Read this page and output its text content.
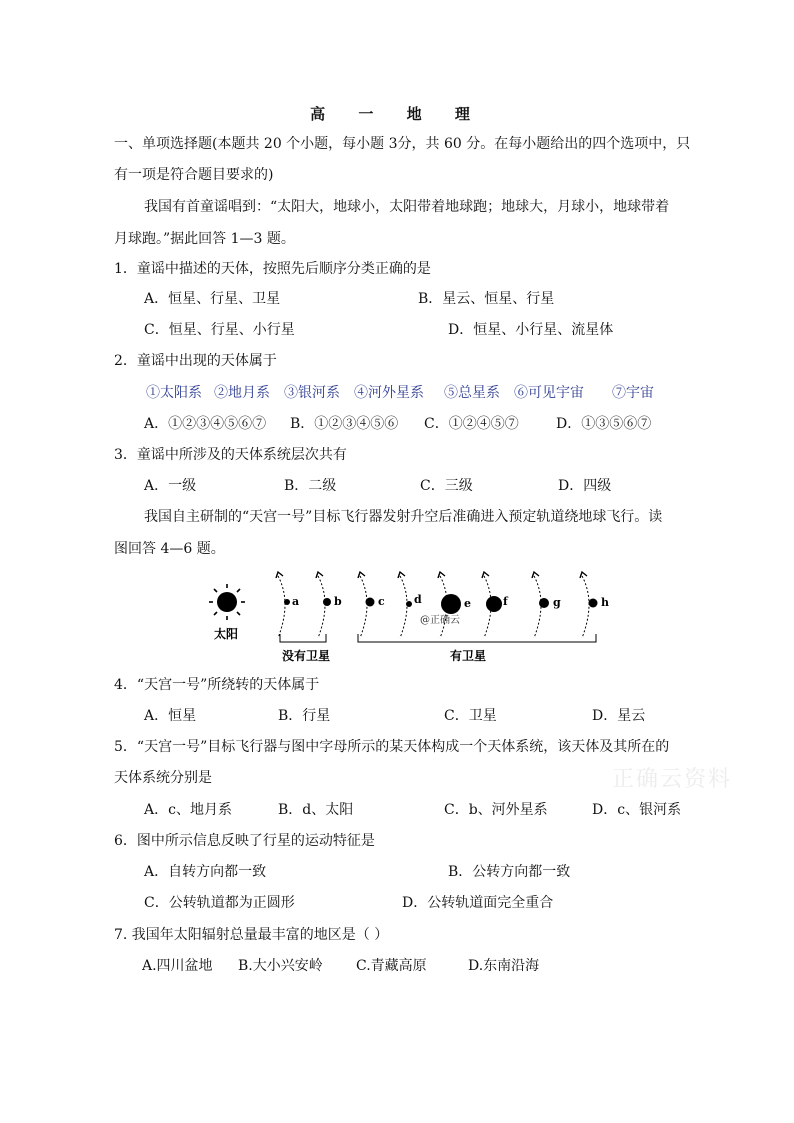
高 一 地 理
一、单项选择题(本题共 20 个小题，每小题 3分，共 60 分。在每小题给出的四个选项中，只
有一项是符合题目要求的)
我国有首童谣唱到：“太阳大，地球小，太阳带着地球跑；地球大，月球小，地球带着
月球跑。”据此回答 1—3 题。
1．童谣中描述的天体，按照先后顺序分类正确的是
A．恒星、行星、卫星	B．星云、恒星、行星
C．恒星、行星、小行星	D．恒星、小行星、流星体
2．童谣中出现的天体属于
①太阳系 ②地月系 ③银河系 ④河外星系 ⑤总星系 ⑥可见宇宙 ⑦宇宙
A．①②③④⑤⑥⑦ B．①②③④⑤⑥ C．①②④⑤⑦	D．①③⑤⑥⑦
3．童谣中所涉及的天体系统层次共有
A．一级	B．二级	C．三级	D．四级
我国自主研制的“天宫一号”目标飞行器发射升空后准确进入预定轨道绕地球飞行。读
图回答 4—6 题。
太阳
a	b	c	d	e	f	g	h
@正确云
没有卫星	有卫星
4．“天宫一号”所绕转的天体属于
A．恒星	B．行星	C．卫星	D．星云
5．“天宫一号”目标飞行器与图中字母所示的某天体构成一个天体系统，该天体及其所在的
天体系统分别是
A．c、地月系	B．d、太阳	C．b、河外星系	D．c、银河系
6．图中所示信息反映了行星的运动特征是
A．自转方向都一致	B．公转方向都一致
C．公转轨道都为正圆形	D．公转轨道面完全重合
7. 我国年太阳辐射总量最丰富的地区是（ ）
A.四川盆地 B.大小兴安岭 C.青藏高原	D.东南沿海
正确云资料
